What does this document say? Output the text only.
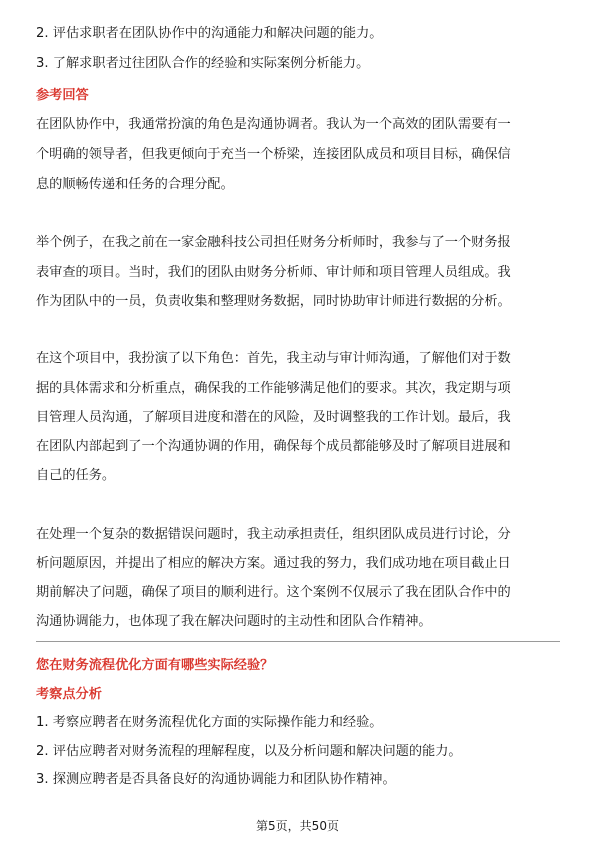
2. 评估求职者在团队协作中的沟通能力和解决问题的能力。
3. 了解求职者过往团队合作的经验和实际案例分析能力。
参考回答
在团队协作中，我通常扮演的角色是沟通协调者。我认为一个高效的团队需要有一
个明确的领导者，但我更倾向于充当一个桥梁，连接团队成员和项目目标，确保信
息的顺畅传递和任务的合理分配。
举个例子，在我之前在一家金融科技公司担任财务分析师时，我参与了一个财务报
表审查的项目。当时，我们的团队由财务分析师、审计师和项目管理人员组成。我
作为团队中的一员，负责收集和整理财务数据，同时协助审计师进行数据的分析。
在这个项目中，我扮演了以下角色：首先，我主动与审计师沟通，了解他们对于数
据的具体需求和分析重点，确保我的工作能够满足他们的要求。其次，我定期与项
目管理人员沟通，了解项目进度和潜在的风险，及时调整我的工作计划。最后，我
在团队内部起到了一个沟通协调的作用，确保每个成员都能够及时了解项目进展和
自己的任务。
在处理一个复杂的数据错误问题时，我主动承担责任，组织团队成员进行讨论，分
析问题原因，并提出了相应的解决方案。通过我的努力，我们成功地在项目截止日
期前解决了问题，确保了项目的顺利进行。这个案例不仅展示了我在团队合作中的
沟通协调能力，也体现了我在解决问题时的主动性和团队合作精神。
您在财务流程优化方面有哪些实际经验？
考察点分析
1. 考察应聘者在财务流程优化方面的实际操作能力和经验。
2. 评估应聘者对财务流程的理解程度，以及分析问题和解决问题的能力。
3. 探测应聘者是否具备良好的沟通协调能力和团队协作精神。
第5页，共50页
